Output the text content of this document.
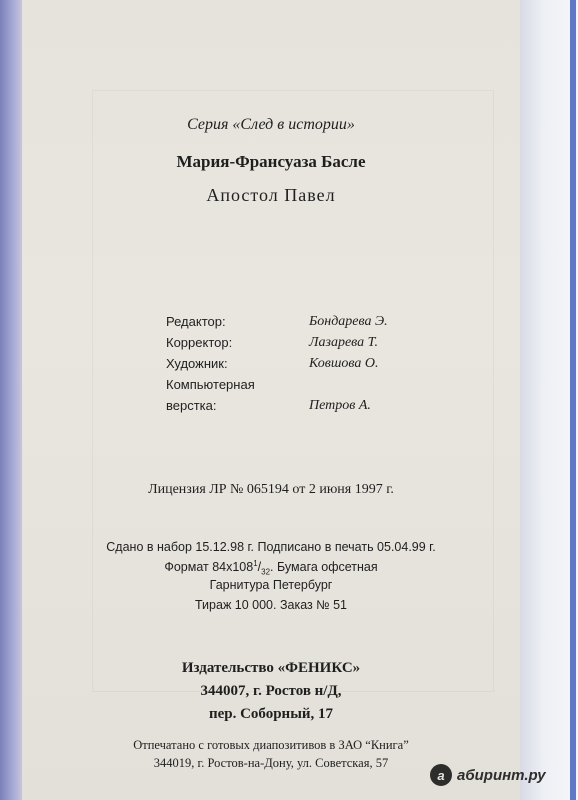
Серия «След в истории»
Мария-Франсуаза Басле
Апостол Павел
Редактор:	Бондарева Э.
Корректор:	Лазарева Т.
Художник:	Ковшова О.
Компьютерная
верстка:	Петров А.
Лицензия ЛР № 065194 от 2 июня 1997 г.
Сдано в набор 15.12.98 г. Подписано в печать 05.04.99 г.
Формат $84х108^1/_{32}$. Бумага офсетная
Гарнитура Петербург
Тираж 10 000. Заказ № 51
Издательство «ФЕНИКС»
344007, г. Ростов н/Д,
пер. Соборный, 17
Отпечатано с готовых диапозитивов в ЗАО “Книга”
344019, г. Ростов-на-Дону, ул. Советская, 57
a абиринт.ру
